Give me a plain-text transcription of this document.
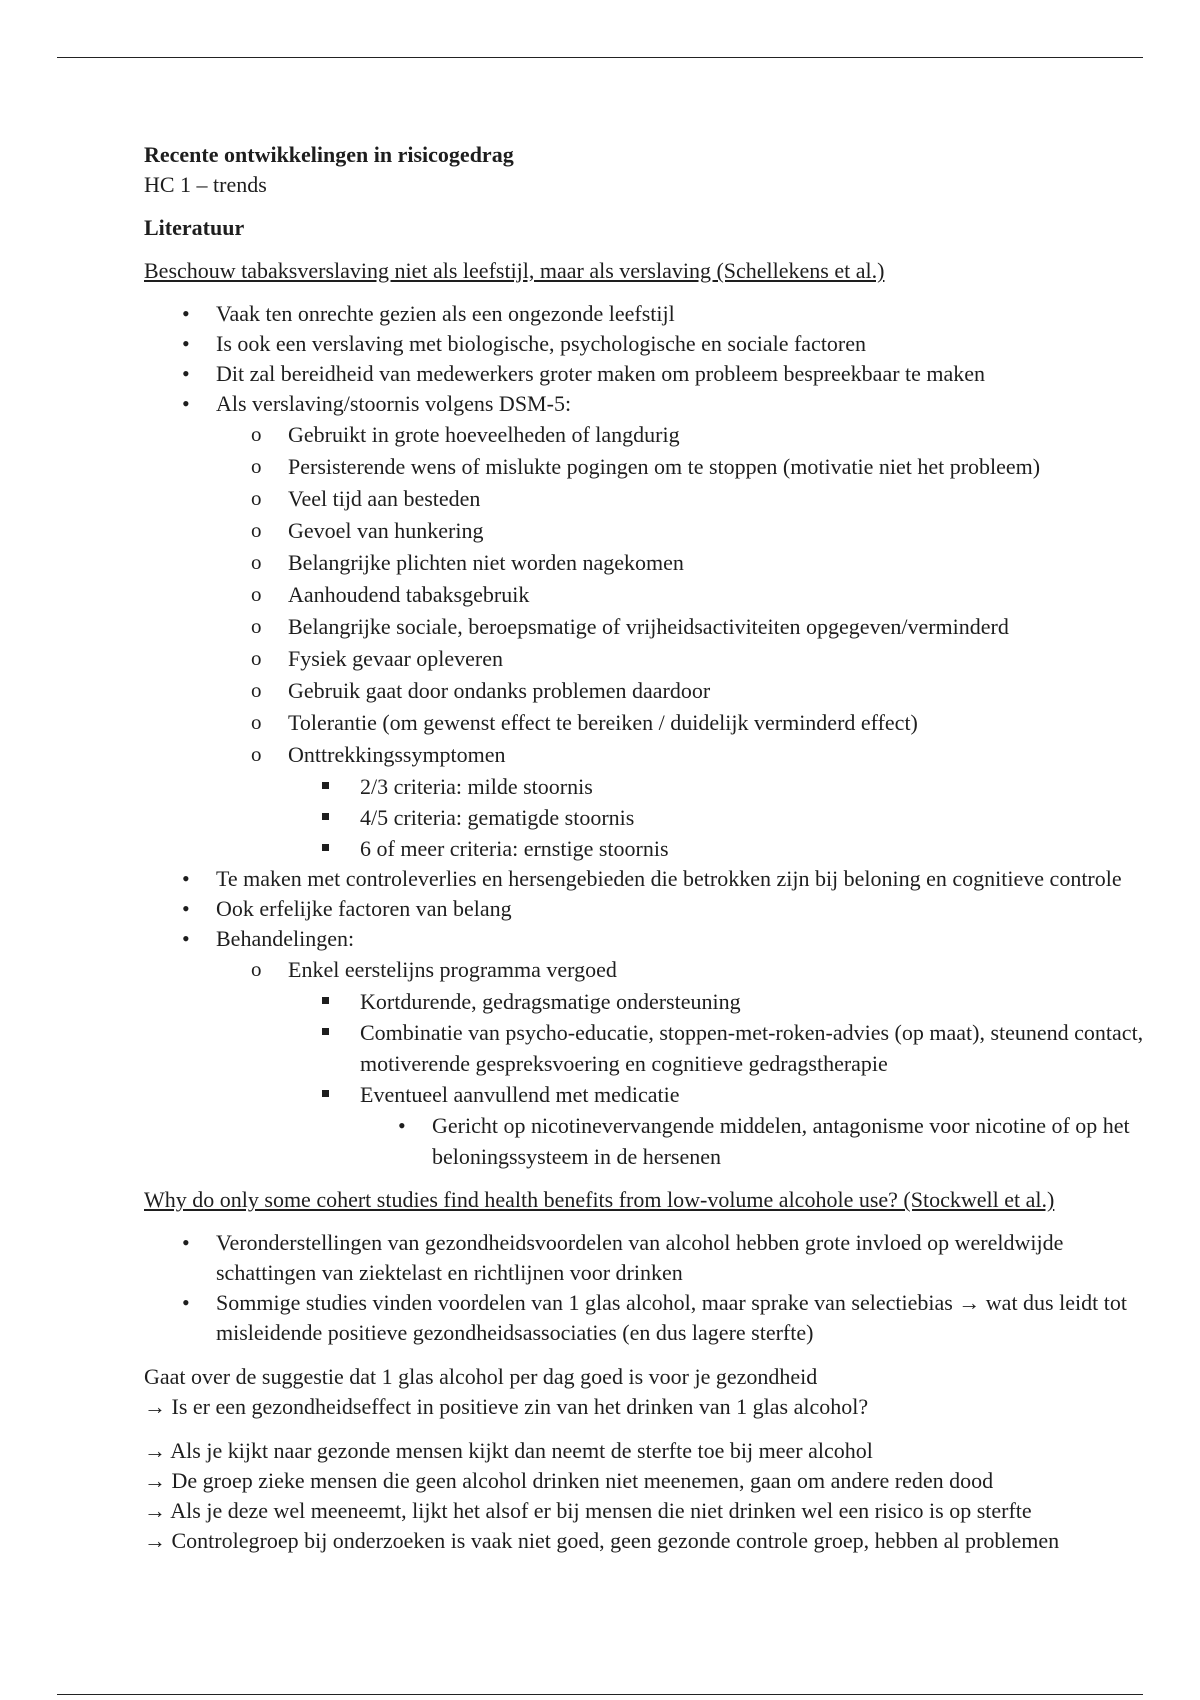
Recente ontwikkelingen in risicogedrag

HC 1 – trends

Literatuur

Beschouw tabaksverslaving niet als leefstijl, maar als verslaving (Schellekens et al.)

• Vaak ten onrechte gezien als een ongezonde leefstijl
• Is ook een verslaving met biologische, psychologische en sociale factoren
• Dit zal bereidheid van medewerkers groter maken om probleem bespreekbaar te maken
• Als verslaving/stoornis volgens DSM-5:
o Gebruikt in grote hoeveelheden of langdurig
o Persisterende wens of mislukte pogingen om te stoppen (motivatie niet het probleem)
o Veel tijd aan besteden
o Gevoel van hunkering
o Belangrijke plichten niet worden nagekomen
o Aanhoudend tabaksgebruik
o Belangrijke sociale, beroepsmatige of vrijheidsactiviteiten opgegeven/verminderd
o Fysiek gevaar opleveren
o Gebruik gaat door ondanks problemen daardoor
o Tolerantie (om gewenst effect te bereiken / duidelijk verminderd effect)
o Onttrekkingssymptomen
2/3 criteria: milde stoornis
4/5 criteria: gematigde stoornis
6 of meer criteria: ernstige stoornis
• Te maken met controleverlies en hersengebieden die betrokken zijn bij beloning en cognitieve controle
• Ook erfelijke factoren van belang
• Behandelingen:
o Enkel eerstelijns programma vergoed
Kortdurende, gedragsmatige ondersteuning
Combinatie van psycho-educatie, stoppen-met-roken-advies (op maat), steunend contact, motiverende gespreksvoering en cognitieve gedragstherapie
Eventueel aanvullend met medicatie
• Gericht op nicotinevervangende middelen, antagonisme voor nicotine of op het beloningssysteem in de hersenen

Why do only some cohert studies find health benefits from low-volume alcohole use? (Stockwell et al.)

• Veronderstellingen van gezondheidsvoordelen van alcohol hebben grote invloed op wereldwijde schattingen van ziektelast en richtlijnen voor drinken
• Sommige studies vinden voordelen van 1 glas alcohol, maar sprake van selectiebias → wat dus leidt tot misleidende positieve gezondheidsassociaties (en dus lagere sterfte)

Gaat over de suggestie dat 1 glas alcohol per dag goed is voor je gezondheid

→ Is er een gezondheidseffect in positieve zin van het drinken van 1 glas alcohol?

→ Als je kijkt naar gezonde mensen kijkt dan neemt de sterfte toe bij meer alcohol

→ De groep zieke mensen die geen alcohol drinken niet meenemen, gaan om andere reden dood

→ Als je deze wel meeneemt, lijkt het alsof er bij mensen die niet drinken wel een risico is op sterfte

→ Controlegroep bij onderzoeken is vaak niet goed, geen gezonde controle groep, hebben al problemen
